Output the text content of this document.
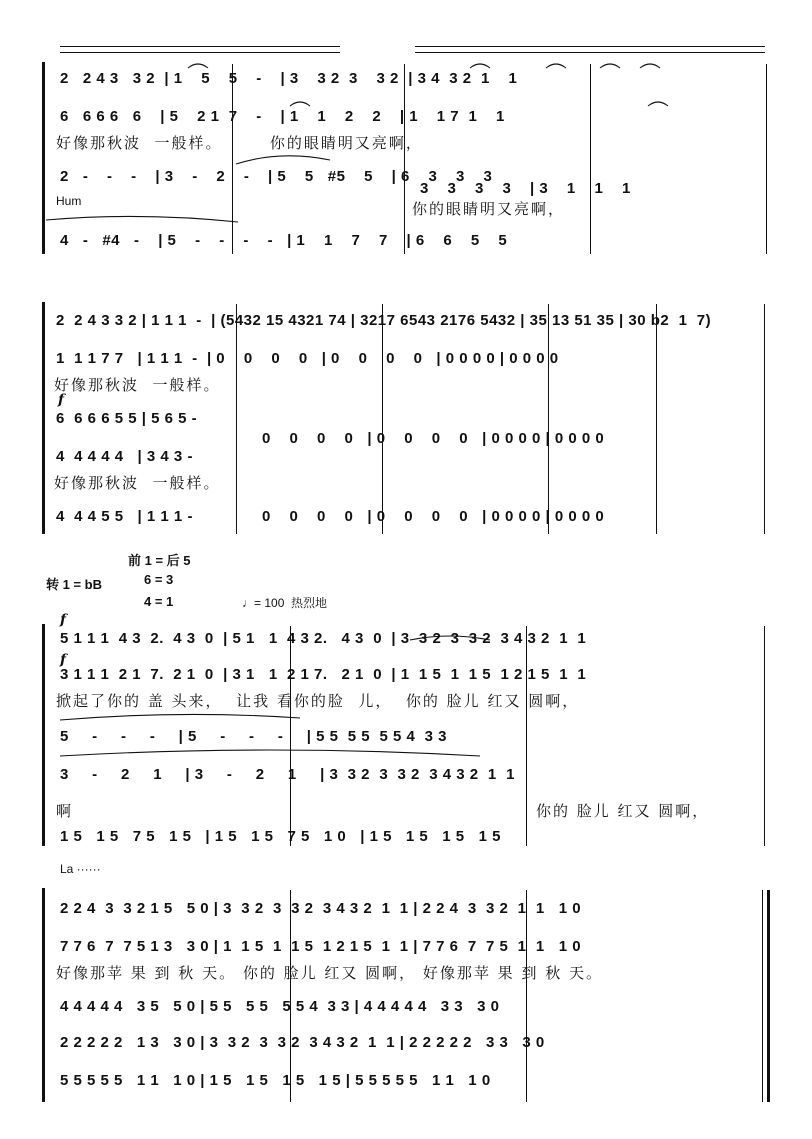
2   2 4 3   3 2  | 1    5    5    -    | 3    3 2  3    3 2  | 3 4  3 2  1    1
6   6 6 6   6    | 5    2 1  7    -    | 1    1    2    2    | 1    1 7  1    1
好像那秋波  一般样。       你的眼睛明又亮啊，
2   -    -    -    | 3    -    2    -    | 5    5   #5    5    | 6    3    3    3
3    3    3    3    | 3    1    1    1
Hum	你的眼睛明又亮啊，
4   -   #4   -    | 5    -    -    -    -   | 1    1    7    7    | 6    6    5    5
2  2 4 3 3 2 | 1 1 1  -  | (5432 15 4321 74 | 3217 6543 2176 5432 | 35 13 51 35 | 30 b2  1  7)
1  1 1 7 7   | 1 1 1  -  | 0    0    0    0   | 0    0    0    0   | 0 0 0 0 | 0 0 0 0
好像那秋波  一般样。
f
6  6 6 6 5 5 | 5 6 5 -
4  4 4 4 4   | 3 4 3 -
0    0    0    0   | 0    0    0    0   | 0 0 0 0 | 0 0 0 0
好像那秋波  一般样。
4  4 4 5 5   | 1 1 1 -	0    0    0    0   | 0    0    0    0   | 0 0 0 0 | 0 0 0 0
转 1 = bB
前 1 = 后 5
6 = 3
4 = 1	♩= 100  热烈地
f
5 1 1 1  4 3  2.  4 3  0  | 5 1   1  4 3 2.   4 3  0  | 3  3 2  3  3 2  3 4 3 2  1  1
f
3 1 1 1  2 1  7.  2 1  0  | 3 1   1  2 1 7.   2 1  0  | 1  1 5  1  1 5  1 2 1 5  1  1
掀起了你的 盖 头来，  让我 看你的脸  儿，  你的 脸儿 红又 圆啊，
5     -     -     -     | 5     -     -     -     | 5 5  5 5  5 5 4  3 3
3     -     2     1     | 3     -     2     1     | 3  3 2  3  3 2  3 4 3 2  1  1
啊	你的 脸儿 红又 圆啊，
1 5   1 5   7 5   1 5   | 1 5   1 5   7 5   1 0   | 1 5   1 5   1 5   1 5
La ······
2 2 4  3  3 2 1 5   5 0 | 3  3 2  3  3 2  3 4 3 2  1  1 | 2 2 4  3  3 2  1  1   1 0
7 7 6  7  7 5 1 3   3 0 | 1  1 5  1  1 5  1 2 1 5  1  1 | 7 7 6  7  7 5  1  1   1 0
好像那苹 果 到 秋 天。 你的 脸儿 红又 圆啊， 好像那苹 果 到 秋 天。
4 4 4 4 4   3 5   5 0 | 5 5   5 5   5 5 4  3 3 | 4 4 4 4 4   3 3   3 0
2 2 2 2 2   1 3   3 0 | 3  3 2  3  3 2  3 4 3 2  1  1 | 2 2 2 2 2   3 3   3 0
5 5 5 5 5   1 1   1 0 | 1 5   1 5   1 5   1 5 | 5 5 5 5 5   1 1   1 0
